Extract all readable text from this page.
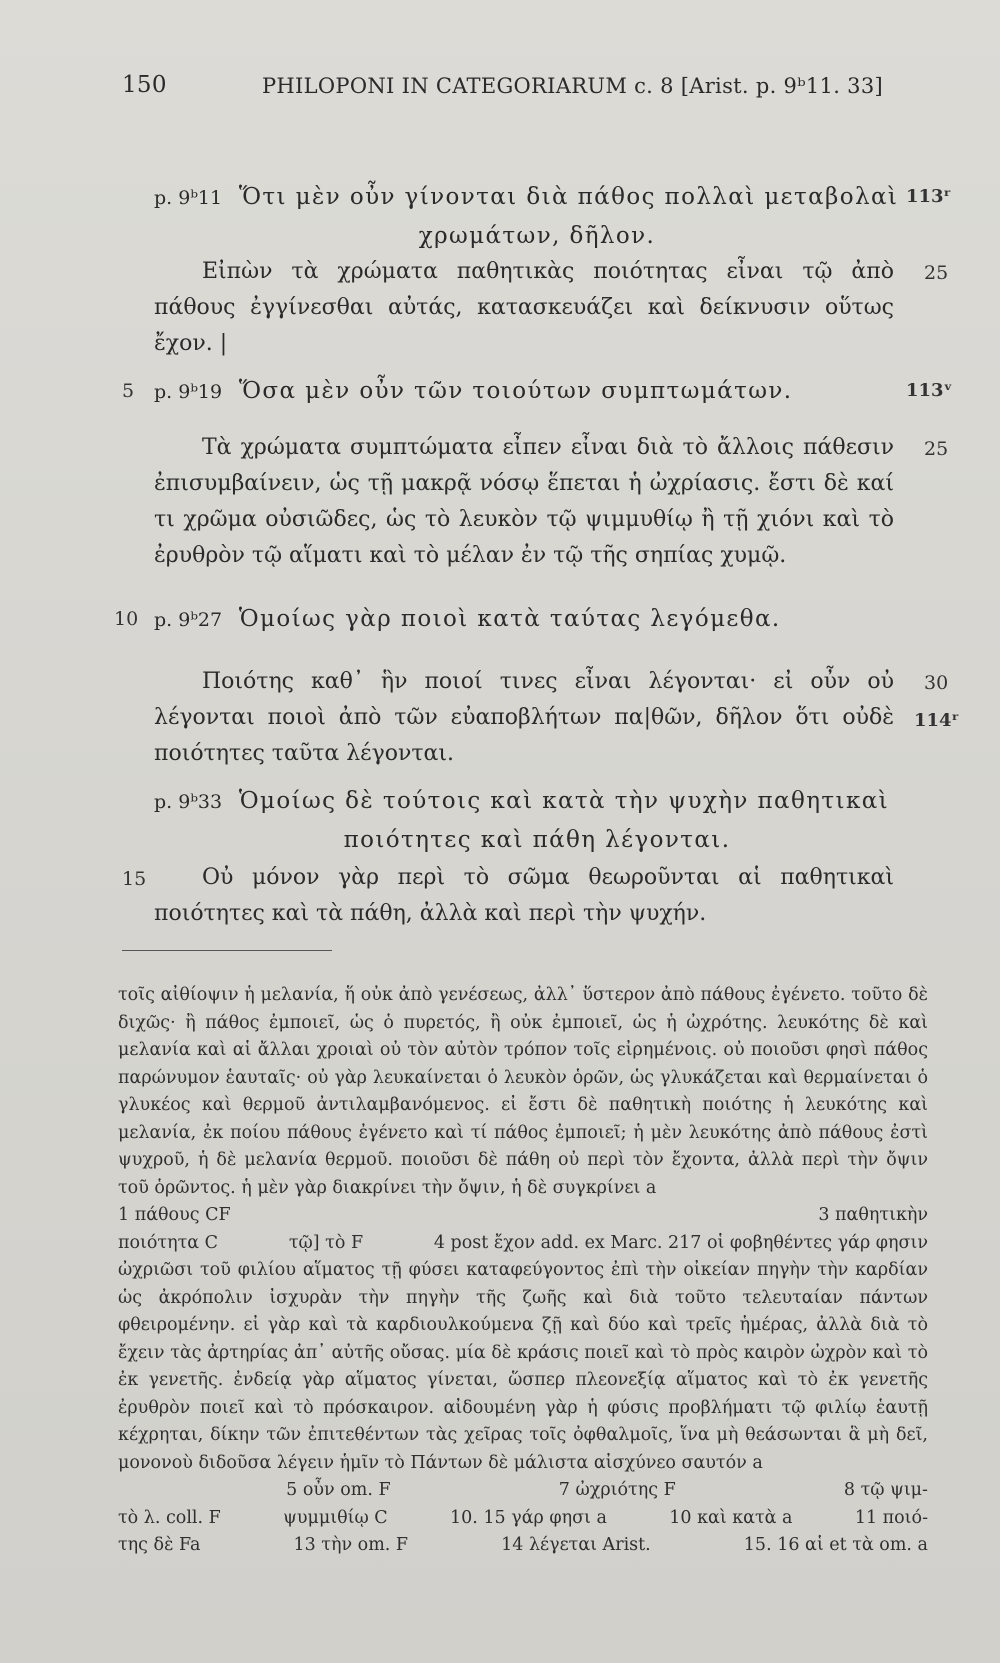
150	PHILOPONI IN CATEGORIARUM c. 8 [Arist. p. 9ᵇ11. 33]
p. 9ᵇ11 Ὅτι μὲν οὖν γίνονται διὰ πάθος πολλαὶ μεταβολαὶ
χρωμάτων, δῆλον.
113ʳ
Εἰπὼν τὰ χρώματα παθητικὰς ποιότητας εἶναι τῷ ἀπὸ πάθους ἐγγίνεσθαι αὐτάς, κατασκευάζει καὶ δείκνυσιν οὕτως ἔχον. |
25
5 p. 9ᵇ19 Ὅσα μὲν οὖν τῶν τοιούτων συμπτωμάτων.	113ᵛ
Τὰ χρώματα συμπτώματα εἶπεν εἶναι διὰ τὸ ἄλλοις πάθεσιν ἐπισυμβαίνειν, ὡς τῇ μακρᾷ νόσῳ ἕπεται ἡ ὠχρίασις. ἔστι δὲ καί τι χρῶμα οὐσιῶδες, ὡς τὸ λευκὸν τῷ ψιμμυθίῳ ἢ τῇ χιόνι καὶ τὸ ἐρυθρὸν τῷ αἵματι καὶ τὸ μέλαν ἐν τῷ τῆς σηπίας χυμῷ.
25
10 p. 9ᵇ27 Ὁμοίως γὰρ ποιοὶ κατὰ ταύτας λεγόμεθα.
Ποιότης καθ᾽ ἣν ποιοί τινες εἶναι λέγονται· εἰ οὖν οὐ λέγονται ποιοὶ ἀπὸ τῶν εὐαποβλήτων πα|θῶν, δῆλον ὅτι οὐδὲ ποιότητες ταῦτα λέγονται.
30
114ʳ
p. 9ᵇ33 Ὁμοίως δὲ τούτοις καὶ κατὰ τὴν ψυχὴν παθητικαὶ
ποιότητες καὶ πάθη λέγονται.
15	Οὐ μόνον γὰρ περὶ τὸ σῶμα θεωροῦνται αἱ παθητικαὶ ποιότητες καὶ τὰ πάθη, ἀλλὰ καὶ περὶ τὴν ψυχήν.
τοῖς αἰθίοψιν ἡ μελανία, ἥ οὐκ ἀπὸ γενέσεως, ἀλλ᾽ ὕστερον ἀπὸ πάθους ἐγένετο. τοῦτο δὲ διχῶς· ἢ πάθος ἐμποιεῖ, ὡς ὁ πυρετός, ἢ οὐκ ἐμποιεῖ, ὡς ἡ ὠχρότης. λευκότης δὲ καὶ μελανία καὶ αἱ ἄλλαι χροιαὶ οὐ τὸν αὐτὸν τρόπον τοῖς εἰρημένοις. οὐ ποιοῦσι φησὶ πάθος παρώνυμον ἑαυταῖς· οὐ γὰρ λευκαίνεται ὁ λευκὸν ὁρῶν, ὡς γλυκάζεται καὶ θερμαίνεται ὁ γλυκέος καὶ θερμοῦ ἀντιλαμβανόμενος. εἰ ἔστι δὲ παθητικὴ ποιότης ἡ λευκότης καὶ μελανία, ἐκ ποίου πάθους ἐγένετο καὶ τί πάθος ἐμποιεῖ; ἡ μὲν λευκότης ἀπὸ πάθους ἐστὶ ψυχροῦ, ἡ δὲ μελανία θερμοῦ. ποιοῦσι δὲ πάθη οὐ περὶ τὸν ἔχοντα, ἀλλὰ περὶ τὴν ὄψιν τοῦ ὁρῶντος. ἡ μὲν γὰρ διακρίνει τὴν ὄψιν, ἡ δὲ συγκρίνει a
1 πάθους CF	3 παθητικὴν
ποιότητα C	τῷ] τὸ F	4 post ἔχον add. ex Marc. 217 οἱ φοβηθέντες γάρ φησιν
ὠχριῶσι τοῦ φιλίου αἵματος τῇ φύσει καταφεύγοντος ἐπὶ τὴν οἰκείαν πηγὴν τὴν καρδίαν ὡς ἀκρόπολιν ἰσχυρὰν τὴν πηγὴν τῆς ζωῆς καὶ διὰ τοῦτο τελευταίαν πάντων φθειρομένην. εἰ γὰρ καὶ τὰ καρδιουλκούμενα ζῇ καὶ δύο καὶ τρεῖς ἡμέρας, ἀλλὰ διὰ τὸ ἔχειν τὰς ἀρτηρίας ἀπ᾽ αὐτῆς οὔσας. μία δὲ κράσις ποιεῖ καὶ τὸ πρὸς καιρὸν ὠχρὸν καὶ τὸ ἐκ γενετῆς. ἐνδείᾳ γὰρ αἵματος γίνεται, ὥσπερ πλεονεξίᾳ αἵματος καὶ τὸ ἐκ γενετῆς ἐρυθρὸν ποιεῖ καὶ τὸ πρόσκαιρον. αἰδουμένη γὰρ ἡ φύσις προβλήματι τῷ φιλίῳ ἑαυτῇ κέχρηται, δίκην τῶν ἐπιτεθέντων τὰς χεῖρας τοῖς ὀφθαλμοῖς, ἵνα μὴ θεάσωνται ἃ μὴ δεῖ, μονονοὺ διδοῦσα λέγειν ἡμῖν τὸ Πάντων δὲ μάλιστα αἰσχύνεο σαυτόν a
5 οὖν om. F	7 ὠχριότης F	8 τῷ ψιμ-
τὸ λ. coll. F	ψυμμιθίῳ C	10. 15 γάρ φησι a	10 καὶ κατὰ a	11 ποιό-
της δὲ Fa	13 τὴν om. F	14 λέγεται Arist.	15. 16 αἱ et τὰ om. a
